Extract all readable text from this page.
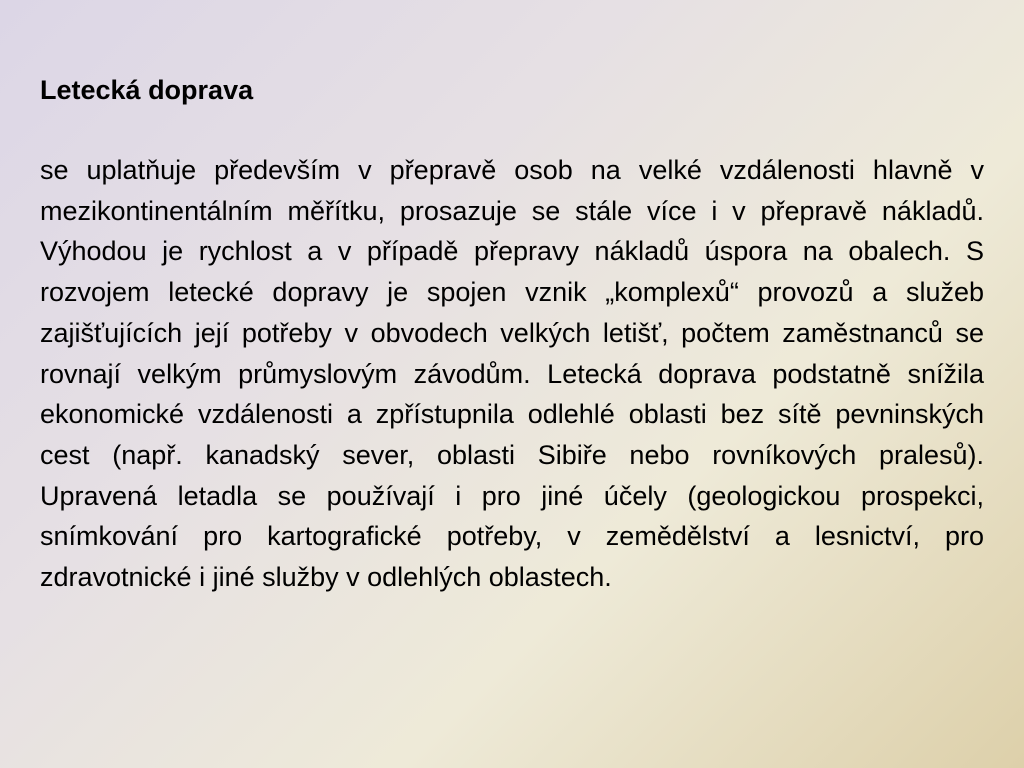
Letecká doprava

se uplatňuje především v přepravě osob na velké vzdálenosti hlavně v mezikontinentálním měřítku, prosazuje se stále více i v přepravě nákladů. Výhodou je rychlost a v případě přepravy nákladů úspora na obalech. S rozvojem letecké dopravy je spojen vznik „komplexů“ provozů a služeb zajišťujících její potřeby v obvodech velkých letišť, počtem zaměstnanců se rovnají velkým průmyslovým závodům. Letecká doprava podstatně snížila ekonomické vzdálenosti a zpřístupnila odlehlé oblasti bez sítě pevninských cest (např. kanadský sever, oblasti Sibiře nebo rovníkových pralesů). Upravená letadla se používají i pro jiné účely (geologickou prospekci, snímkování pro kartografické potřeby, v zemědělství a lesnictví, pro zdravotnické i jiné služby v odlehlých oblastech.
